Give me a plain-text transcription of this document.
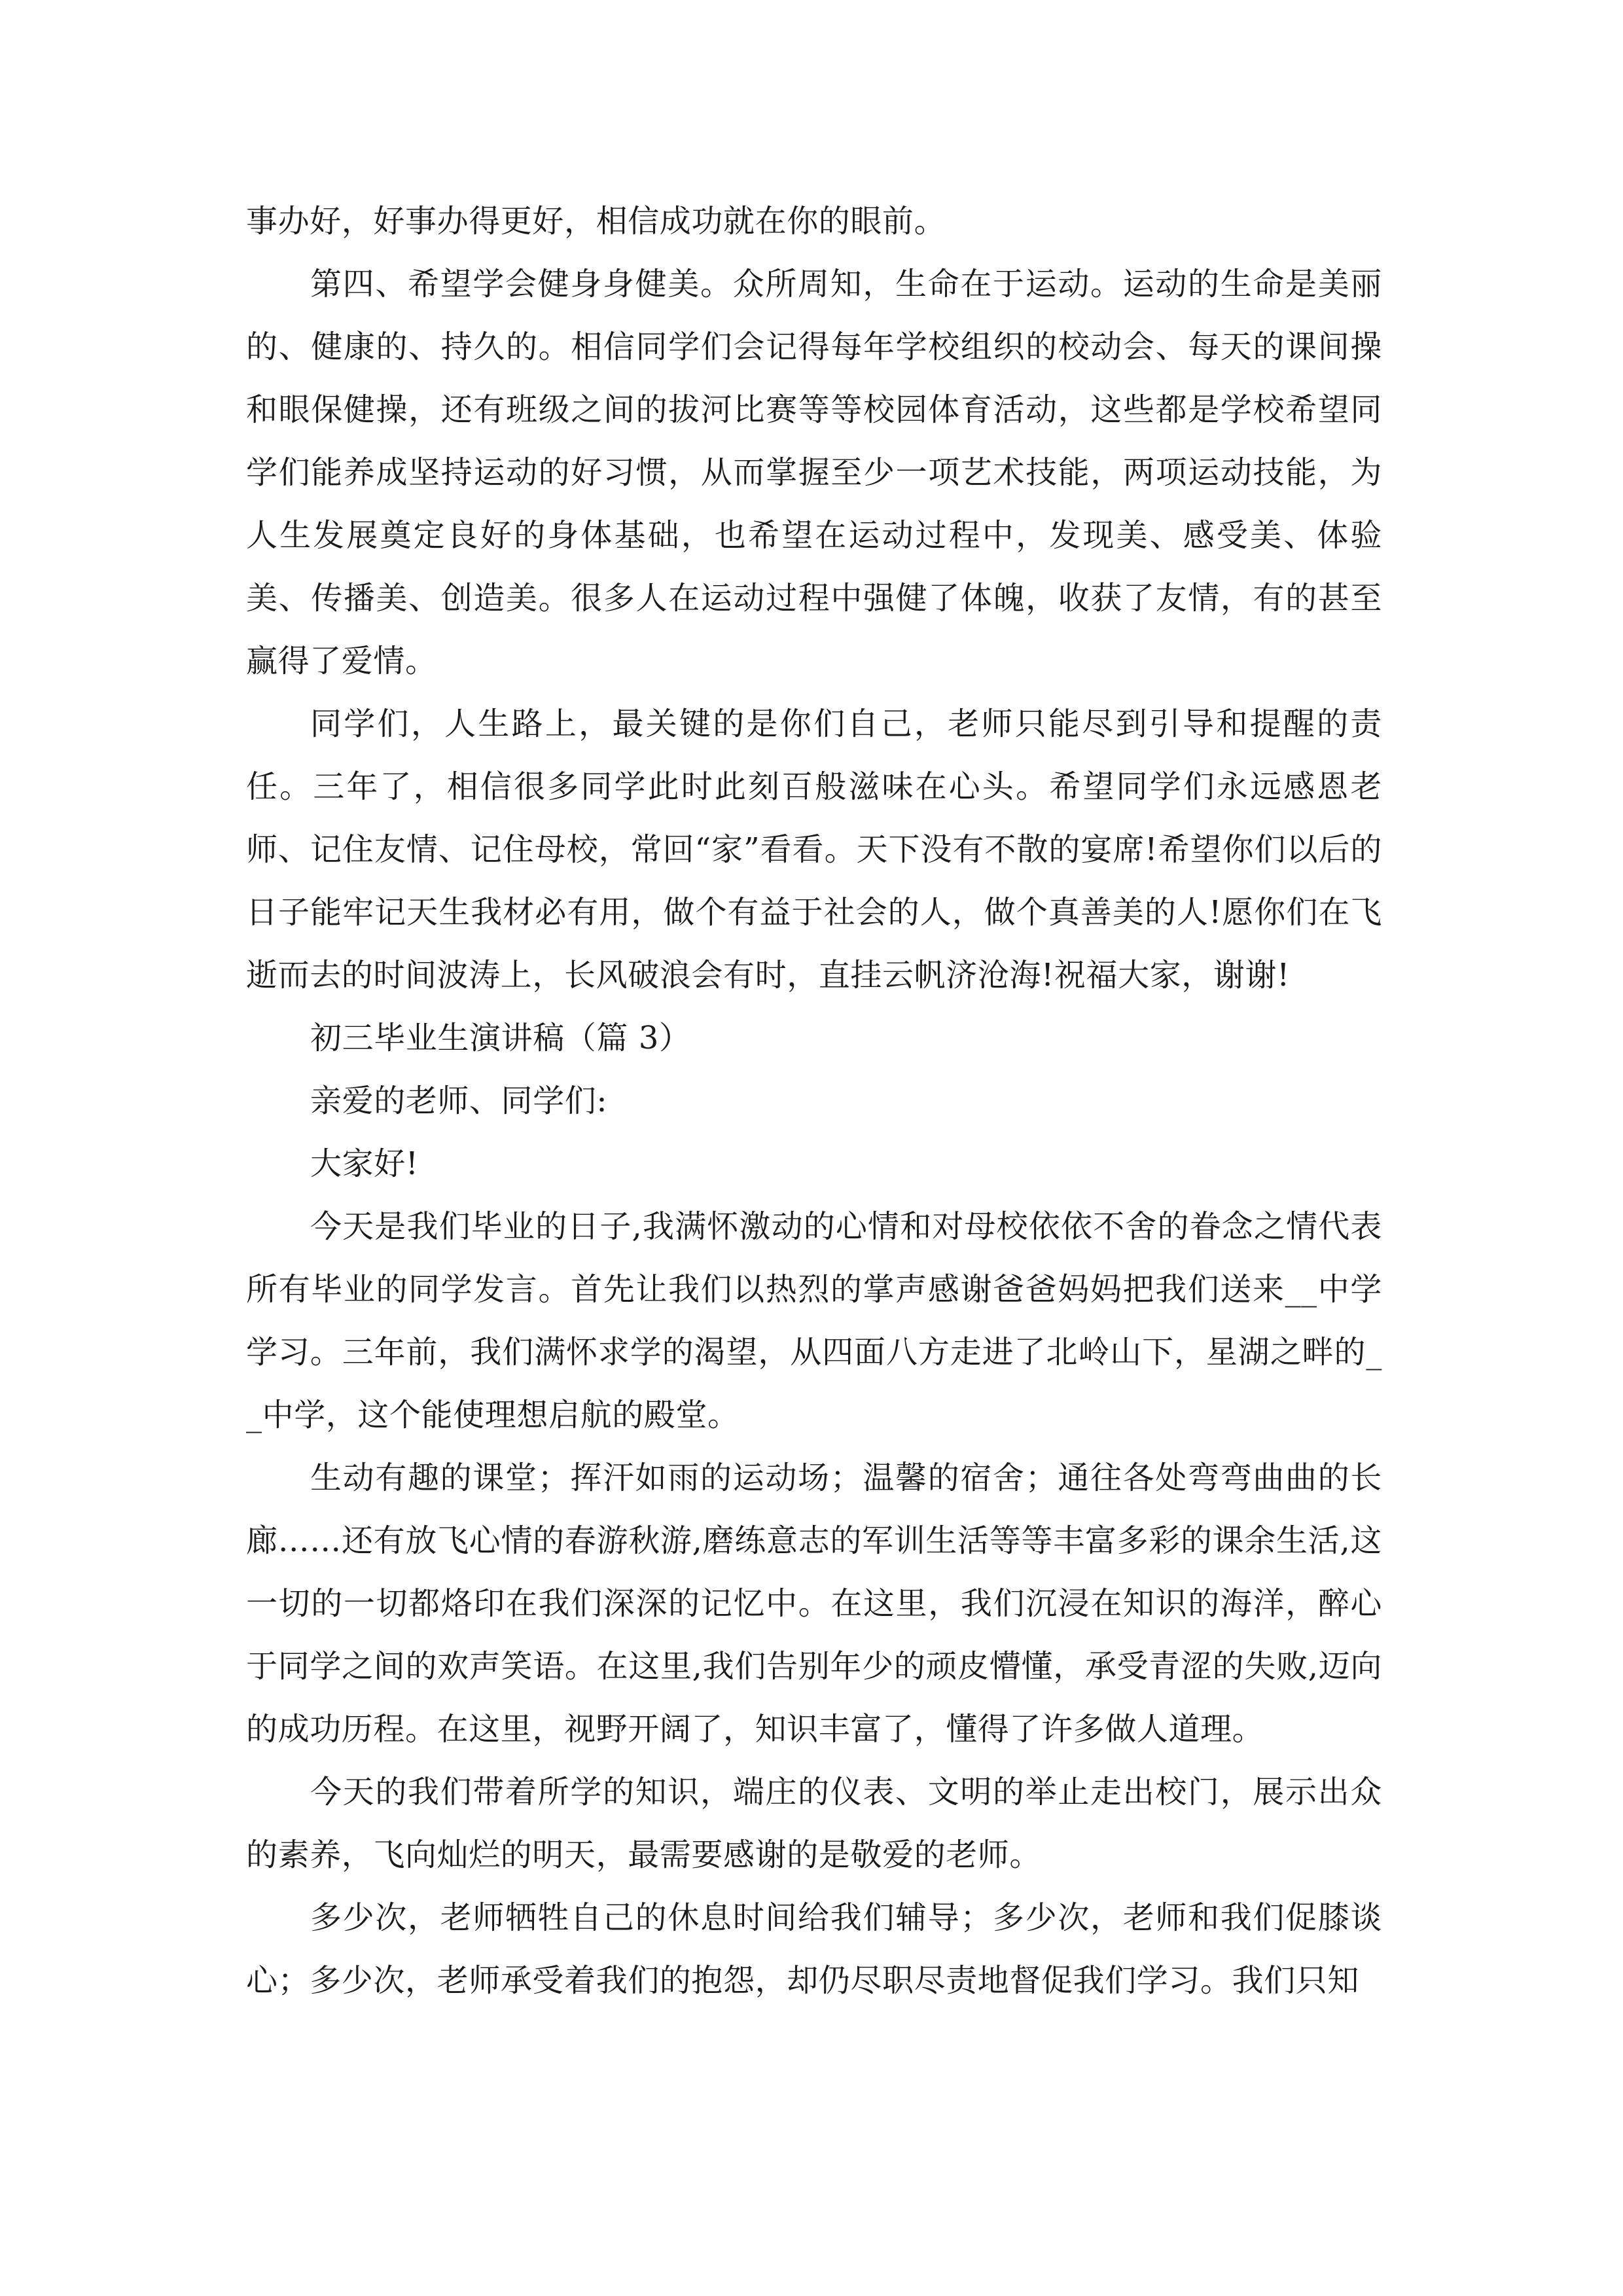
事办好，好事办得更好，相信成功就在你的眼前。

第四、希望学会健身身健美。众所周知，生命在于运动。运动的生命是美丽的、健康的、持久的。相信同学们会记得每年学校组织的校动会、每天的课间操和眼保健操，还有班级之间的拔河比赛等等校园体育活动，这些都是学校希望同学们能养成坚持运动的好习惯，从而掌握至少一项艺术技能，两项运动技能，为人生发展奠定良好的身体基础，也希望在运动过程中，发现美、感受美、体验美、传播美、创造美。很多人在运动过程中强健了体魄，收获了友情，有的甚至赢得了爱情。

同学们，人生路上，最关键的是你们自己，老师只能尽到引导和提醒的责任。三年了，相信很多同学此时此刻百般滋味在心头。希望同学们永远感恩老师、记住友情、记住母校，常回“家”看看。天下没有不散的宴席!希望你们以后的日子能牢记天生我材必有用，做个有益于社会的人，做个真善美的人!愿你们在飞逝而去的时间波涛上，长风破浪会有时，直挂云帆济沧海!祝福大家，谢谢!

初三毕业生演讲稿（篇 3）

亲爱的老师、同学们:

大家好!

今天是我们毕业的日子,我满怀激动的心情和对母校依依不舍的眷念之情代表所有毕业的同学发言。首先让我们以热烈的掌声感谢爸爸妈妈把我们送来__中学学习。三年前，我们满怀求学的渴望，从四面八方走进了北岭山下，星湖之畔的__中学，这个能使理想启航的殿堂。

生动有趣的课堂；挥汗如雨的运动场；温馨的宿舍；通往各处弯弯曲曲的长廊……还有放飞心情的春游秋游,磨练意志的军训生活等等丰富多彩的课余生活,这一切的一切都烙印在我们深深的记忆中。在这里，我们沉浸在知识的海洋，醉心于同学之间的欢声笑语。在这里,我们告别年少的顽皮懵懂，承受青涩的失败,迈向的成功历程。在这里，视野开阔了，知识丰富了，懂得了许多做人道理。

今天的我们带着所学的知识，端庄的仪表、文明的举止走出校门，展示出众的素养，飞向灿烂的明天，最需要感谢的是敬爱的老师。

多少次，老师牺牲自己的休息时间给我们辅导；多少次，老师和我们促膝谈心；多少次，老师承受着我们的抱怨，却仍尽职尽责地督促我们学习。我们只知
